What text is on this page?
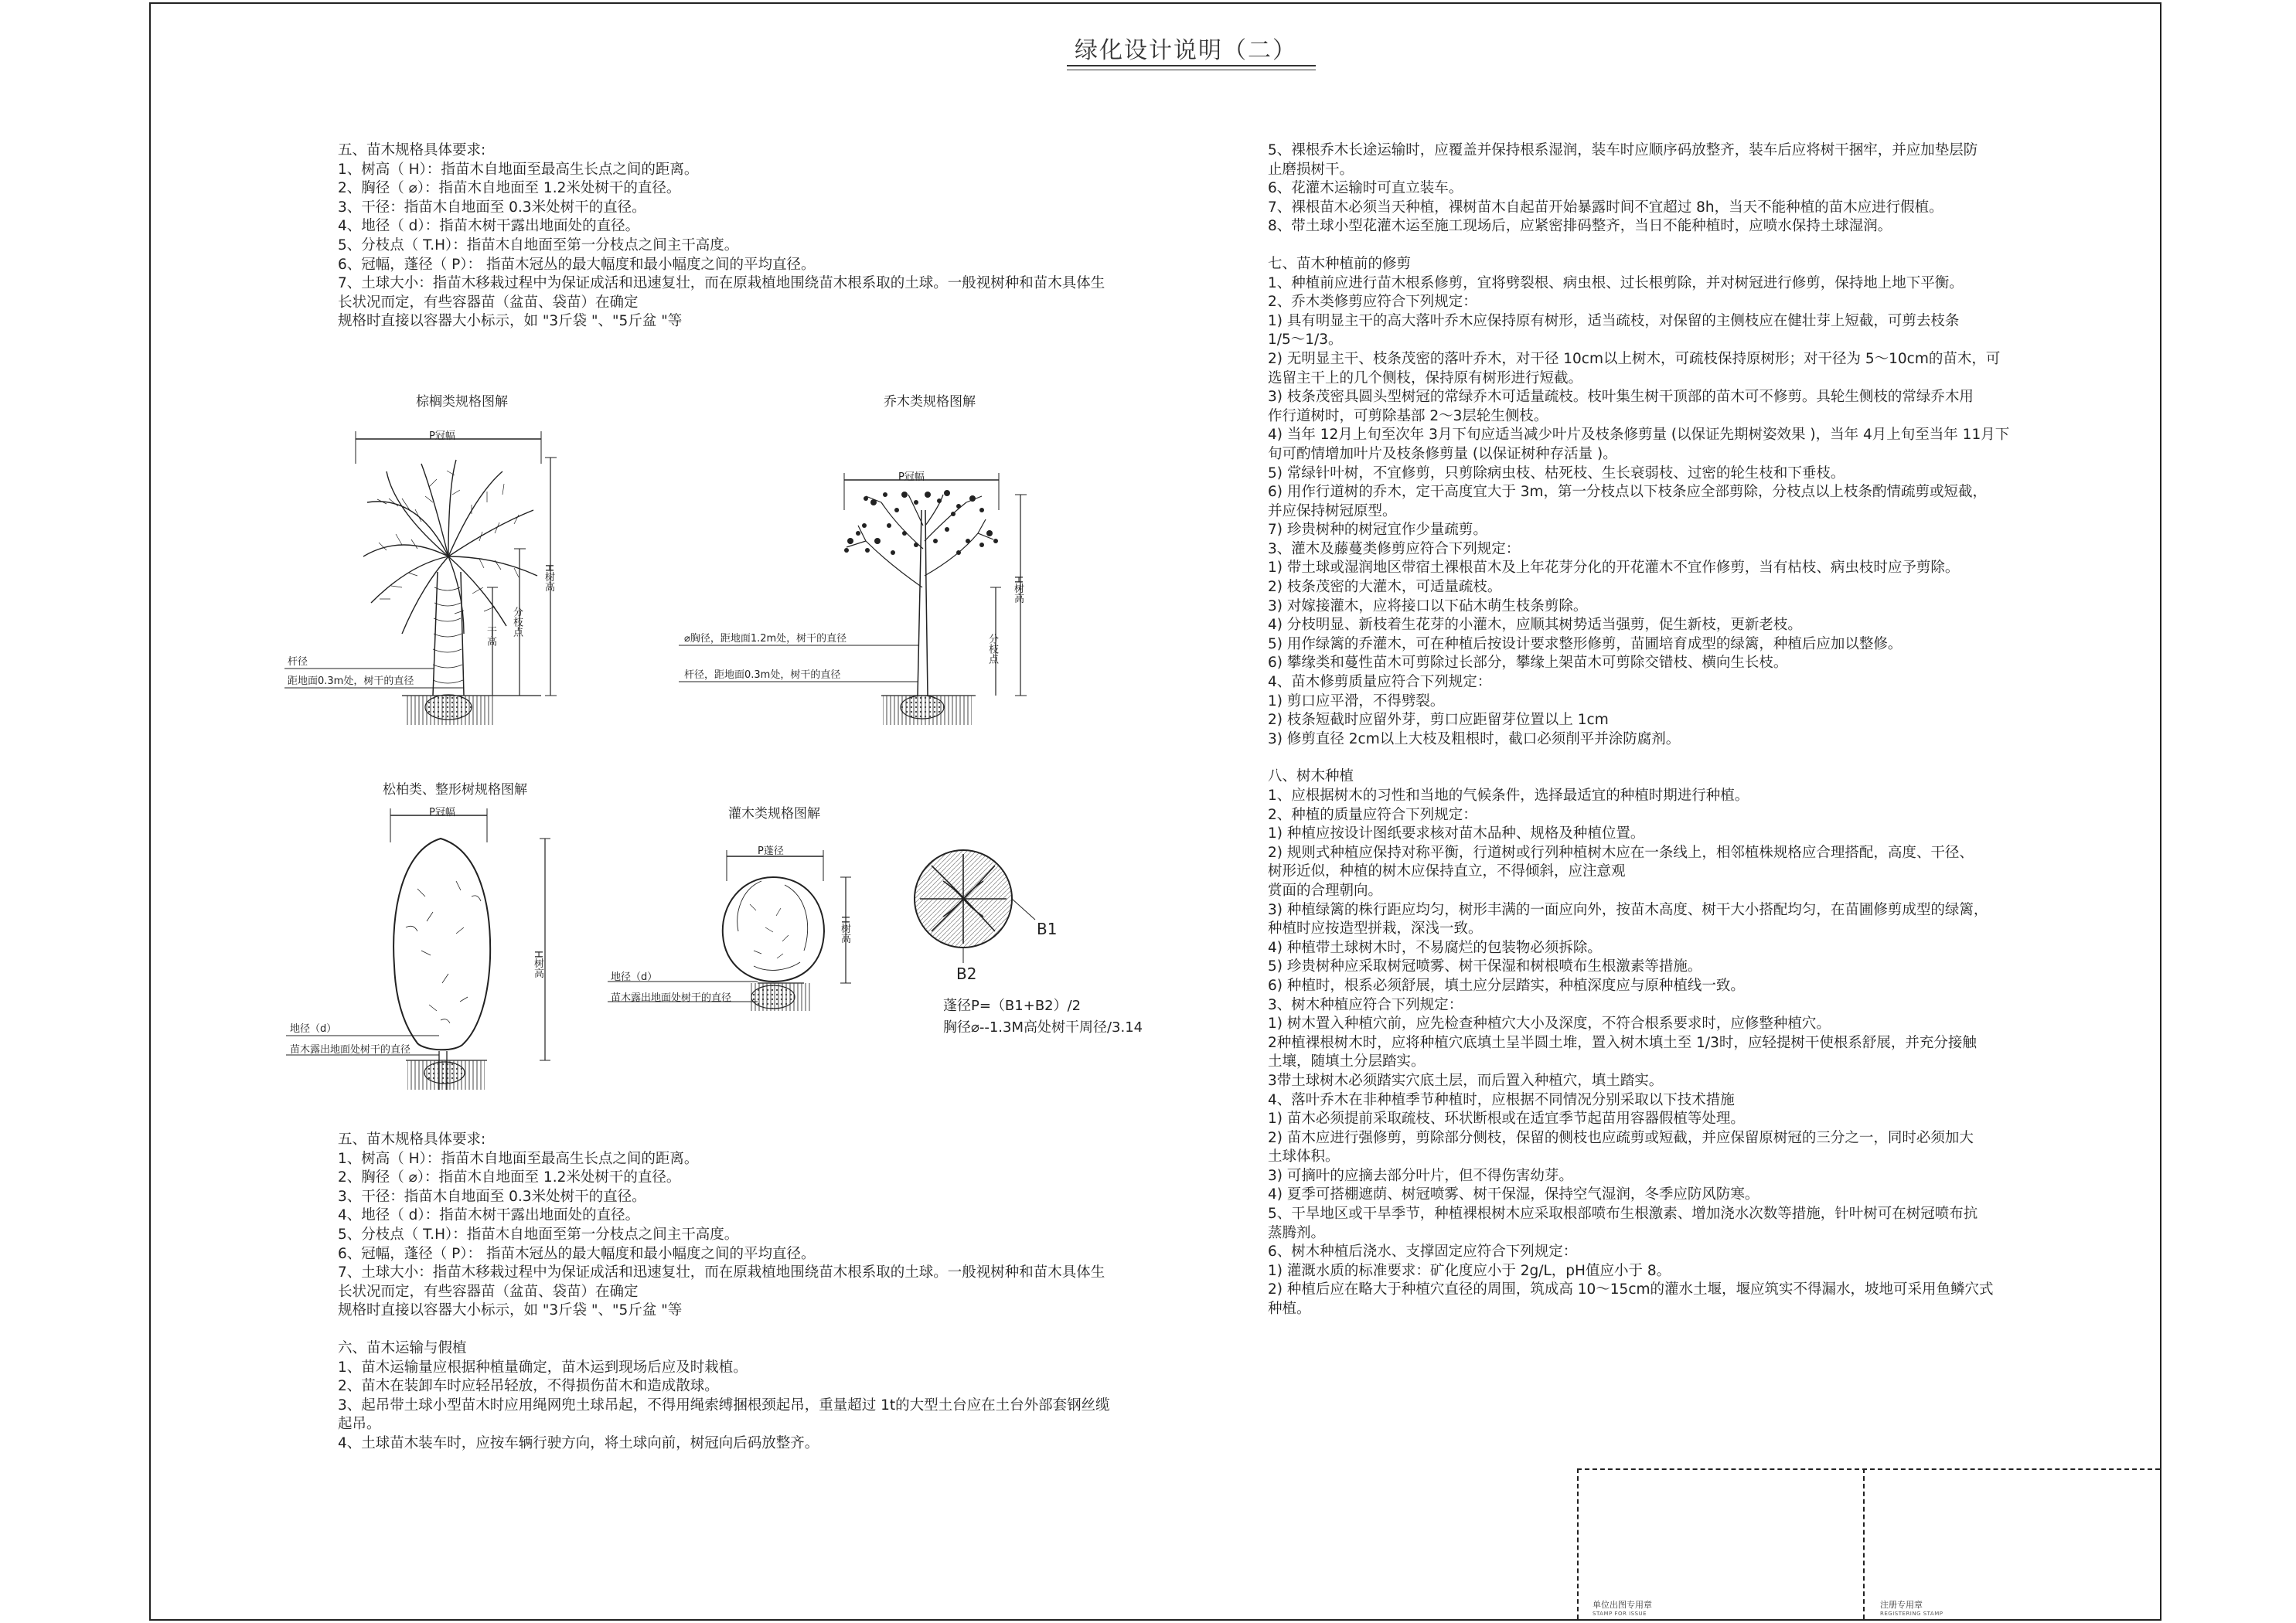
绿化设计说明（二）
五、苗木规格具体要求:
1、树高（ H）：指苗木自地面至最高生长点之间的距离。
2、胸径（ ⌀）：指苗木自地面至 1.2米处树干的直径。
3、干径：指苗木自地面至 0.3米处树干的直径。
4、地径（ d）：指苗木树干露出地面处的直径。
5、分枝点（ T.H）：指苗木自地面至第一分枝点之间主干高度。
6、冠幅，蓬径（ P）： 指苗木冠丛的最大幅度和最小幅度之间的平均直径。
7、土球大小：指苗木移栽过程中为保证成活和迅速复壮，而在原栽植地围绕苗木根系取的土球。一般视树种和苗木具体生
长状况而定，有些容器苗（盆苗、袋苗）在确定
规格时直接以容器大小标示，如 "3斤袋 "、"5斤盆 "等
五、苗木规格具体要求:
1、树高（ H）：指苗木自地面至最高生长点之间的距离。
2、胸径（ ⌀）：指苗木自地面至 1.2米处树干的直径。
3、干径：指苗木自地面至 0.3米处树干的直径。
4、地径（ d）：指苗木树干露出地面处的直径。
5、分枝点（ T.H）：指苗木自地面至第一分枝点之间主干高度。
6、冠幅，蓬径（ P）： 指苗木冠丛的最大幅度和最小幅度之间的平均直径。
7、土球大小：指苗木移栽过程中为保证成活和迅速复壮，而在原栽植地围绕苗木根系取的土球。一般视树种和苗木具体生
长状况而定，有些容器苗（盆苗、袋苗）在确定
规格时直接以容器大小标示，如 "3斤袋 "、"5斤盆 "等
六、苗木运输与假植
1、苗木运输量应根据种植量确定，苗木运到现场后应及时栽植。
2、苗木在装卸车时应轻吊轻放，不得损伤苗木和造成散球。
3、起吊带土球小型苗木时应用绳网兜土球吊起，不得用绳索缚捆根颈起吊，重量超过 1t的大型土台应在土台外部套钢丝缆
起吊。
4、土球苗木装车时，应按车辆行驶方向，将土球向前，树冠向后码放整齐。
5、裸根乔木长途运输时，应覆盖并保持根系湿润，装车时应顺序码放整齐，装车后应将树干捆牢，并应加垫层防
止磨损树干。
6、花灌木运输时可直立装车。
7、裸根苗木必须当天种植，裸树苗木自起苗开始暴露时间不宜超过 8h，当天不能种植的苗木应进行假植。
8、带土球小型花灌木运至施工现场后，应紧密排码整齐，当日不能种植时，应喷水保持土球湿润。
七、苗木种植前的修剪
1、种植前应进行苗木根系修剪，宜将劈裂根、病虫根、过长根剪除，并对树冠进行修剪，保持地上地下平衡。
2、乔木类修剪应符合下列规定：
1) 具有明显主干的高大落叶乔木应保持原有树形，适当疏枝，对保留的主侧枝应在健壮芽上短截，可剪去枝条
1/5～1/3。
2) 无明显主干、枝条茂密的落叶乔木，对干径 10cm以上树木，可疏枝保持原树形；对干径为 5～10cm的苗木，可
选留主干上的几个侧枝，保持原有树形进行短截。
3) 枝条茂密具圆头型树冠的常绿乔木可适量疏枝。枝叶集生树干顶部的苗木可不修剪。具轮生侧枝的常绿乔木用
作行道树时，可剪除基部 2～3层轮生侧枝。
4) 当年 12月上旬至次年 3月下旬应适当减少叶片及枝条修剪量 (以保证先期树姿效果 )，当年 4月上旬至当年 11月下
旬可酌情增加叶片及枝条修剪量 (以保证树种存活量 )。
5) 常绿针叶树，不宜修剪，只剪除病虫枝、枯死枝、生长衰弱枝、过密的轮生枝和下垂枝。
6) 用作行道树的乔木，定干高度宜大于 3m，第一分枝点以下枝条应全部剪除，分枝点以上枝条酌情疏剪或短截，
并应保持树冠原型。
7) 珍贵树种的树冠宜作少量疏剪。
3、灌木及藤蔓类修剪应符合下列规定：
1) 带土球或湿润地区带宿土裸根苗木及上年花芽分化的开花灌木不宜作修剪，当有枯枝、病虫枝时应予剪除。
2) 枝条茂密的大灌木，可适量疏枝。
3) 对嫁接灌木，应将接口以下砧木萌生枝条剪除。
4) 分枝明显、新枝着生花芽的小灌木，应顺其树势适当强剪，促生新枝，更新老枝。
5) 用作绿篱的乔灌木，可在种植后按设计要求整形修剪，苗圃培育成型的绿篱，种植后应加以整修。
6) 攀缘类和蔓性苗木可剪除过长部分，攀缘上架苗木可剪除交错枝、横向生长枝。
4、苗木修剪质量应符合下列规定：
1) 剪口应平滑，不得劈裂。
2) 枝条短截时应留外芽，剪口应距留芽位置以上 1cm
3) 修剪直径 2cm以上大枝及粗根时，截口必须削平并涂防腐剂。
八、树木种植
1、应根据树木的习性和当地的气候条件，选择最适宜的种植时期进行种植。
2、种植的质量应符合下列规定：
1) 种植应按设计图纸要求核对苗木品种、规格及种植位置。
2) 规则式种植应保持对称平衡，行道树或行列种植树木应在一条线上，相邻植株规格应合理搭配，高度、干径、
树形近似，种植的树木应保持直立，不得倾斜，应注意观
赏面的合理朝向。
3) 种植绿篱的株行距应均匀，树形丰满的一面应向外，按苗木高度、树干大小搭配均匀，在苗圃修剪成型的绿篱，
种植时应按造型拼栽，深浅一致。
4) 种植带土球树木时，不易腐烂的包装物必须拆除。
5) 珍贵树种应采取树冠喷雾、树干保湿和树根喷布生根激素等措施。
6) 种植时，根系必须舒展，填土应分层踏实，种植深度应与原种植线一致。
3、树木种植应符合下列规定：
1) 树木置入种植穴前，应先检查种植穴大小及深度，不符合根系要求时，应修整种植穴。
2种植裸根树木时，应将种植穴底填土呈半圆土堆，置入树木填土至 1/3时，应轻提树干使根系舒展，并充分接触
土壤，随填土分层踏实。
3带土球树木必须踏实穴底土层，而后置入种植穴，填土踏实。
4、落叶乔木在非种植季节种植时，应根据不同情况分别采取以下技术措施
1) 苗木必须提前采取疏枝、环状断根或在适宜季节起苗用容器假植等处理。
2) 苗木应进行强修剪，剪除部分侧枝，保留的侧枝也应疏剪或短截，并应保留原树冠的三分之一，同时必须加大
土球体积。
3) 可摘叶的应摘去部分叶片，但不得伤害幼芽。
4) 夏季可搭棚遮荫、树冠喷雾、树干保湿，保持空气湿润，冬季应防风防寒。
5、干旱地区或干旱季节，种植裸根树木应采取根部喷布生根激素、增加浇水次数等措施，针叶树可在树冠喷布抗
蒸腾剂。
6、树木种植后浇水、支撑固定应符合下列规定：
1) 灌溉水质的标准要求：矿化度应小于 2g/L，pH值应小于 8。
2) 种植后应在略大于种植穴直径的周围，筑成高 10～15cm的灌水土堰，堰应筑实不得漏水，坡地可采用鱼鳞穴式
种植。
棕榈类规格图解	乔木类规格图解
松柏类、整形树规格图解
灌木类规格图解
P冠幅
H树高
分枝点
干高
杆径
距地面0.3m处，树干的直径
P冠幅
H树高
分枝点
⌀胸径，距地面1.2m处，树干的直径
杆径，距地面0.3m处，树干的直径
P冠幅
H树高
地径（d）
苗木露出地面处树干的直径
P蓬径
H树高
地径（d）
苗木露出地面处树干的直径
B1
B2
蓬径P=（B1+B2）/2
胸径⌀--1.3M高处树干周径/3.14
单位出图专用章
STAMP FOR ISSUE
注册专用章
REGISTERING STAMP
